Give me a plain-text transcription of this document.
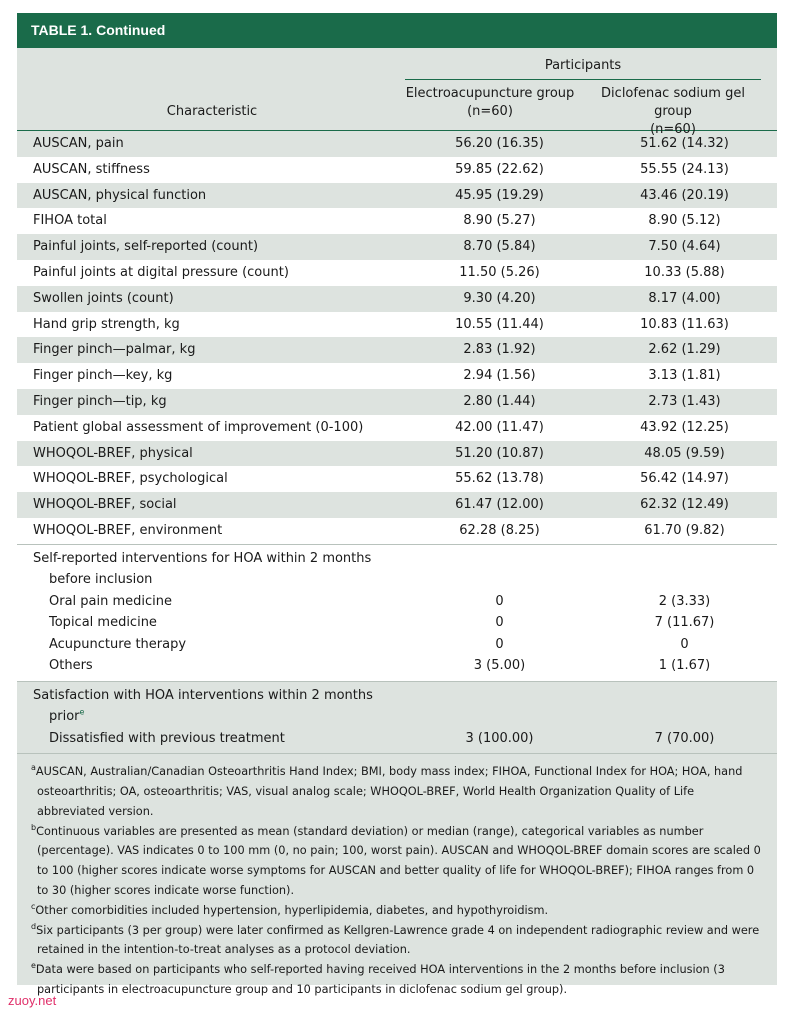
TABLE 1. Continued
Participants
Electroacupuncture group
(n=60)
Diclofenac sodium gel group
(n=60)
Characteristic
AUSCAN, pain	56.20 (16.35)	51.62 (14.32)
AUSCAN, stiffness	59.85 (22.62)	55.55 (24.13)
AUSCAN, physical function	45.95 (19.29)	43.46 (20.19)
FIHOA total	8.90 (5.27)	8.90 (5.12)
Painful joints, self-reported (count)	8.70 (5.84)	7.50 (4.64)
Painful joints at digital pressure (count)	11.50 (5.26)	10.33 (5.88)
Swollen joints (count)	9.30 (4.20)	8.17 (4.00)
Hand grip strength, kg	10.55 (11.44)	10.83 (11.63)
Finger pinch—palmar, kg	2.83 (1.92)	2.62 (1.29)
Finger pinch—key, kg	2.94 (1.56)	3.13 (1.81)
Finger pinch—tip, kg	2.80 (1.44)	2.73 (1.43)
Patient global assessment of improvement (0-100)	42.00 (11.47)	43.92 (12.25)
WHOQOL-BREF, physical	51.20 (10.87)	48.05 (9.59)
WHOQOL-BREF, psychological	55.62 (13.78)	56.42 (14.97)
WHOQOL-BREF, social	61.47 (12.00)	62.32 (12.49)
WHOQOL-BREF, environment	62.28 (8.25)	61.70 (9.82)
Self-reported interventions for HOA within 2 months
before inclusion
Oral pain medicine	0	2 (3.33)
Topical medicine	0	7 (11.67)
Acupuncture therapy	0	0
Others	3 (5.00)	1 (1.67)
Satisfaction with HOA interventions within 2 months
prior$^e$
Dissatisfied with previous treatment	3 (100.00)	7 (70.00)
$^a$AUSCAN, Australian/Canadian Osteoarthritis Hand Index; BMI, body mass index; FIHOA, Functional Index for HOA; HOA, hand osteoarthritis; OA, osteoarthritis; VAS, visual analog scale; WHOQOL-BREF, World Health Organization Quality of Life abbreviated version.
$^b$Continuous variables are presented as mean (standard deviation) or median (range), categorical variables as number (percentage). VAS indicates 0 to 100 mm (0, no pain; 100, worst pain). AUSCAN and WHOQOL-BREF domain scores are scaled 0 to 100 (higher scores indicate worse symptoms for AUSCAN and better quality of life for WHOQOL-BREF); FIHOA ranges from 0 to 30 (higher scores indicate worse function).
$^c$Other comorbidities included hypertension, hyperlipidemia, diabetes, and hypothyroidism.
$^d$Six participants (3 per group) were later confirmed as Kellgren-Lawrence grade 4 on independent radiographic review and were retained in the intention-to-treat analyses as a protocol deviation.
$^e$Data were based on participants who self-reported having received HOA interventions in the 2 months before inclusion (3 participants in electroacupuncture group and 10 participants in diclofenac sodium gel group).
zuoy.net
